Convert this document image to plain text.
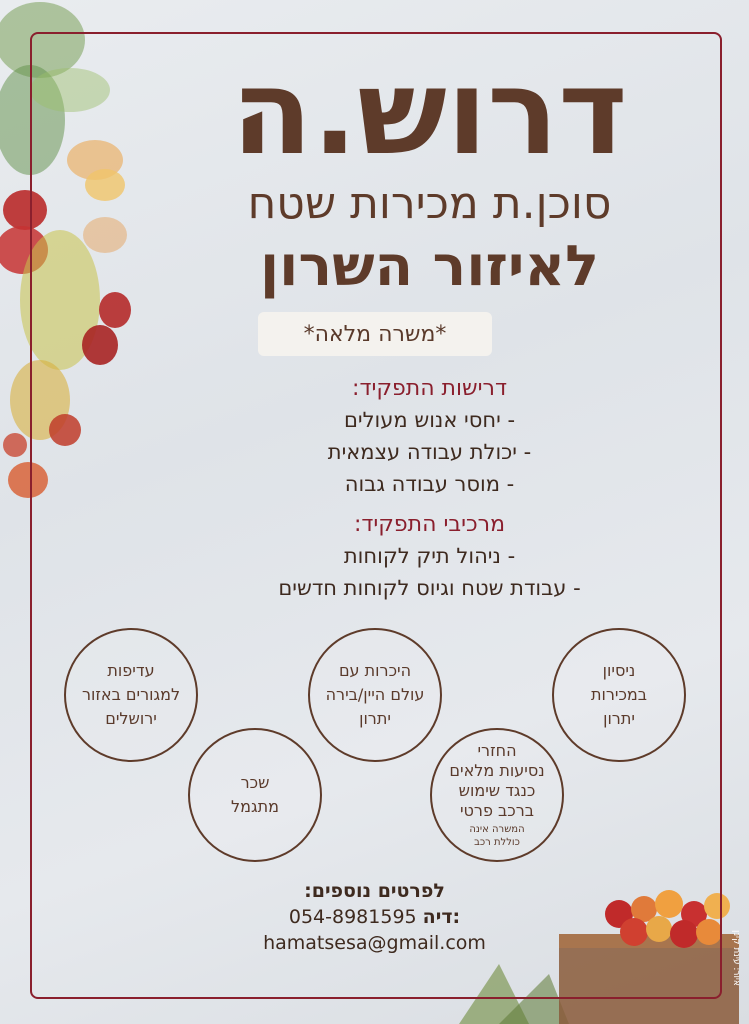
דרוש.ה
סוכן.ת מכירות שטח
לאיזור השרון
*משרה מלאה*
דרישות התפקיד:
- יחסי אנוש מעולים
- יכולת עבודה עצמאית
- מוסר עבודה גבוה
מרכיבי התפקיד:
- ניהול תיק לקוחות
- עבודת שטח וגיוס לקוחות חדשים
ניסיון
במכירות
יתרון
היכרות עם
עולם היין/בירה
יתרון
עדיפות
למגורים באזור
ירושלים
החזרי
נסיעות מלאים
כנגד שימוש
ברכב פרטי
המשרה אינה
כוללת רכב
שכר
מתגמל
לפרטים נוספים:
054-8981595 דיה:
hamatsesa@gmail.com	איור: עינת קינן
